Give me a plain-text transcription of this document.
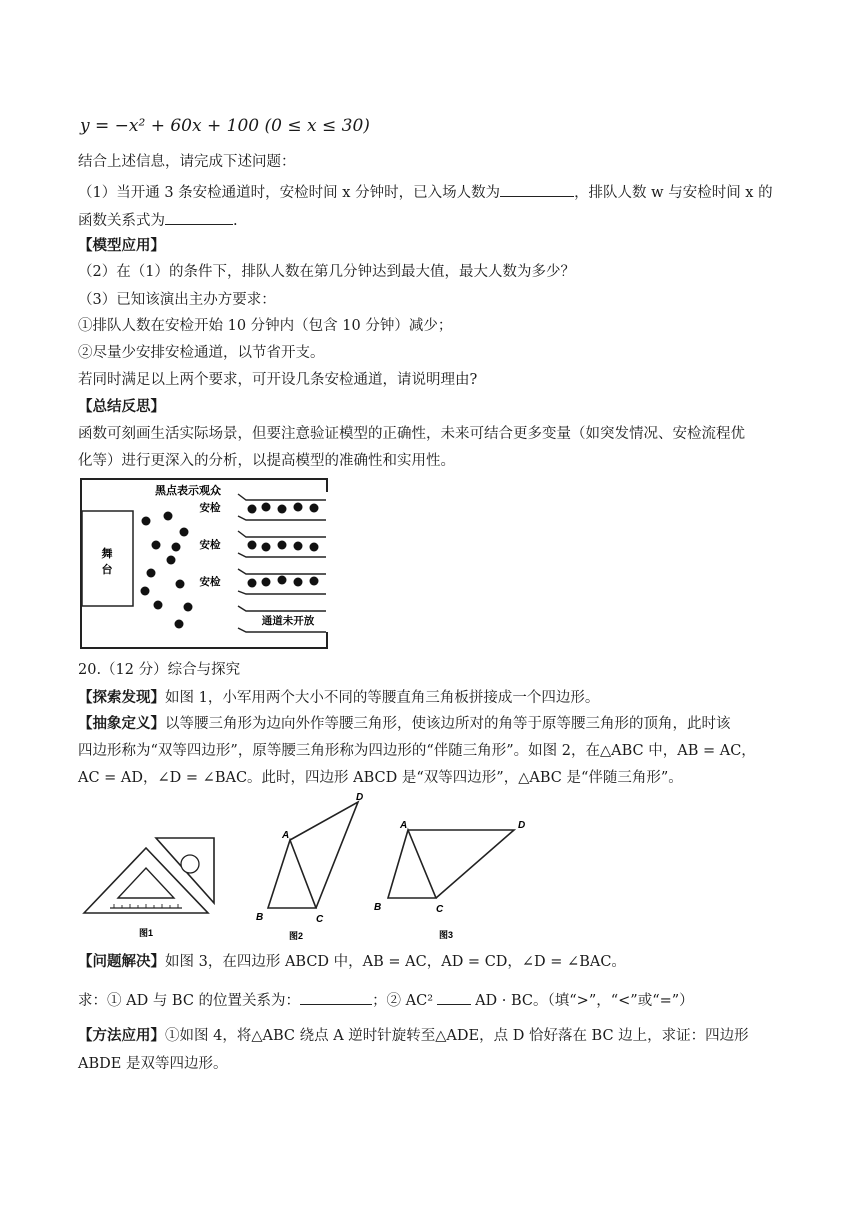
y = −x² + 60x + 100 (0 ≤ x ≤ 30)
结合上述信息，请完成下述问题：
（1）当开通 3 条安检通道时，安检时间 x 分钟时，已入场人数为	，排队人数 w 与安检时间 x 的
函数关系式为	.
【模型应用】
（2）在（1）的条件下，排队人数在第几分钟达到最大值，最大人数为多少？
（3）已知该演出主办方要求：
①排队人数在安检开始 10 分钟内（包含 10 分钟）减少；
②尽量少安排安检通道，以节省开支。
若同时满足以上两个要求，可开设几条安检通道，请说明理由?
【总结反思】
函数可刻画生活实际场景，但要注意验证模型的正确性，未来可结合更多变量（如突发情况、安检流程优
化等）进行更深入的分析，以提高模型的准确性和实用性。
黑点表示观众
舞
台
安检
安检
安检
通道未开放
20.（12 分）综合与探究
【探索发现】如图 1，小军用两个大小不同的等腰直角三角板拼接成一个四边形。
【抽象定义】以等腰三角形为边向外作等腰三角形，使该边所对的角等于原等腰三角形的顶角，此时该
四边形称为“双等四边形”，原等腰三角形称为四边形的“伴随三角形”。如图 2，在△ABC 中，AB = AC，
AC = AD，∠D = ∠BAC。此时，四边形 ABCD 是“双等四边形”，△ABC 是“伴随三角形”。
图1
A
B	C
D
图2
A
B	C
D
图3
【问题解决】如图 3，在四边形 ABCD 中，AB = AC，AD = CD，∠D = ∠BAC。
求：① AD 与 BC 的位置关系为：	；② AC²	AD · BC。（填“>”，“<”或“=”）
【方法应用】①如图 4，将△ABC 绕点 A 逆时针旋转至△ADE，点 D 恰好落在 BC 边上，求证：四边形
ABDE 是双等四边形。
